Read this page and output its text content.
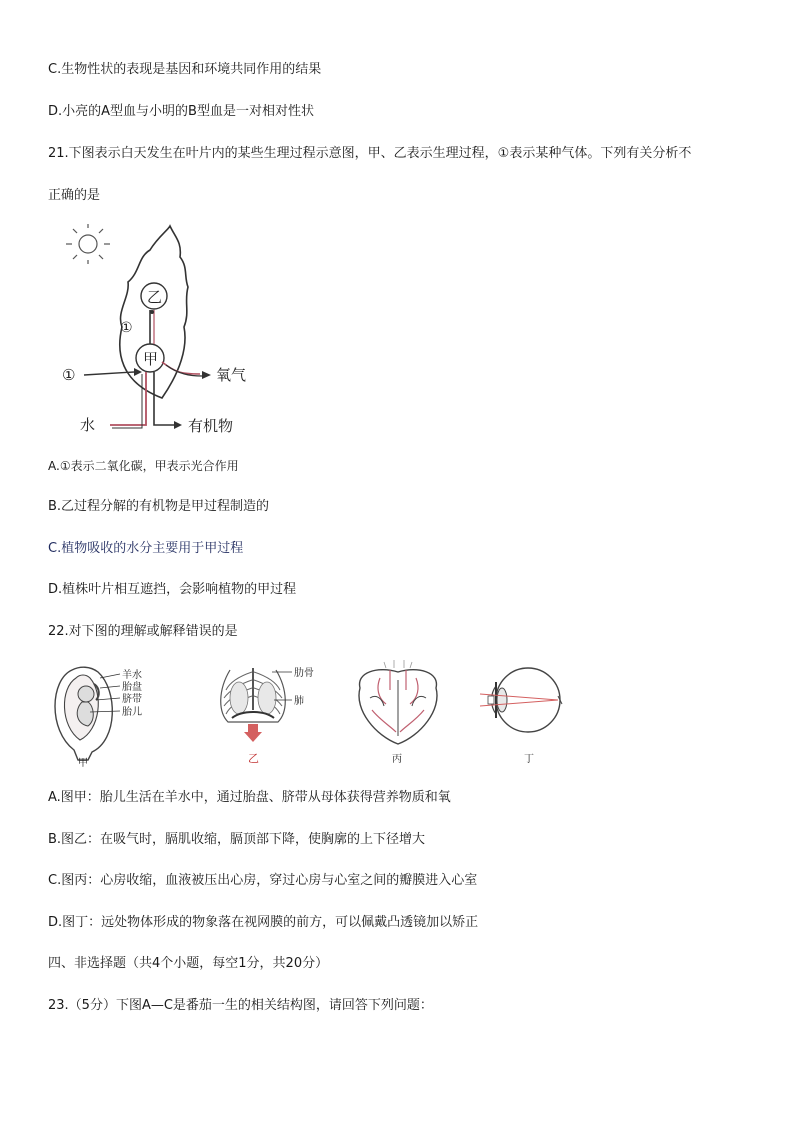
C.生物性状的表现是基因和环境共同作用的结果
D.小亮的A型血与小明的B型血是一对相对性状
21.下图表示白天发生在叶片内的某些生理过程示意图，甲、乙表示生理过程，①表示某种气体。下列有关分析不
正确的是
乙
甲
①
①	氧气
水	有机物
A.①表示二氧化碳，甲表示光合作用
B.乙过程分解的有机物是甲过程制造的
C.植物吸收的水分主要用于甲过程
D.植株叶片相互遮挡，会影响植物的甲过程
22.对下图的理解或解释错误的是
羊水
胎盘
脐带
胎儿
甲
肋骨
肺
乙	丙	丁
A.图甲：胎儿生活在羊水中，通过胎盘、脐带从母体获得营养物质和氧
B.图乙：在吸气时，膈肌收缩，膈顶部下降，使胸廓的上下径增大
C.图丙：心房收缩，血液被压出心房，穿过心房与心室之间的瓣膜进入心室
D.图丁：远处物体形成的物象落在视网膜的前方，可以佩戴凸透镜加以矫正
四、非选择题（共4个小题，每空1分，共20分）
23.（5分）下图A—C是番茄一生的相关结构图，请回答下列问题：
